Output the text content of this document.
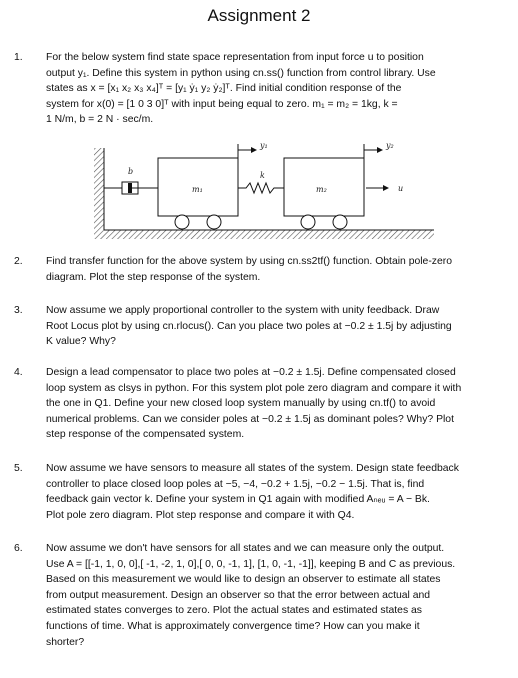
Assignment 2
1. For the below system find state space representation from input force u to position

output y₁. Define this system in python using cn.ss() function from control library. Use

states as x = [x₁ x₂ x₃ x₄]ᵀ = [y₁ ẏ₁ y₂ ẏ₂]ᵀ. Find initial condition response of the

system for x(0) = [1 0 3 0]ᵀ with input being equal to zero. m₁ = m₂ = 1kg, k =

1 N/m, b = 2 N · sec/m.

b
m₁
y₁
k
m₂
y₂
u
2. Find transfer function for the above system by using cn.ss2tf() function. Obtain pole-zero

diagram. Plot the step response of the system.

3. Now assume we apply proportional controller to the system with unity feedback. Draw

Root Locus plot by using cn.rlocus(). Can you place two poles at −0.2 ± 1.5j by adjusting

K value? Why?

4. Design a lead compensator to place two poles at −0.2 ± 1.5j. Define compensated closed

loop system as clsys in python. For this system plot pole zero diagram and compare it with

the one in Q1. Define your new closed loop system manually by using cn.tf() to avoid

numerical problems. Can we consider poles at −0.2 ± 1.5j as dominant poles? Why? Plot

step response of the compensated system.

5. Now assume we have sensors to measure all states of the system. Design state feedback

controller to place closed loop poles at −5, −4, −0.2 + 1.5j, −0.2 − 1.5j. That is, find

feedback gain vector k. Define your system in Q1 again with modified Aₙₑᵤ = A − Bk.

Plot pole zero diagram. Plot step response and compare it with Q4.

6. Now assume we don't have sensors for all states and we can measure only the output.

Use A = [[-1, 1, 0, 0],[ -1, -2, 1, 0],[ 0, 0, -1, 1], [1, 0, -1, -1]], keeping B and C as previous.

Based on this measurement we would like to design an observer to estimate all states

from output measurement. Design an observer so that the error between actual and

estimated states converges to zero. Plot the actual states and estimated states as

functions of time. What is approximately convergence time? How can you make it

shorter?
